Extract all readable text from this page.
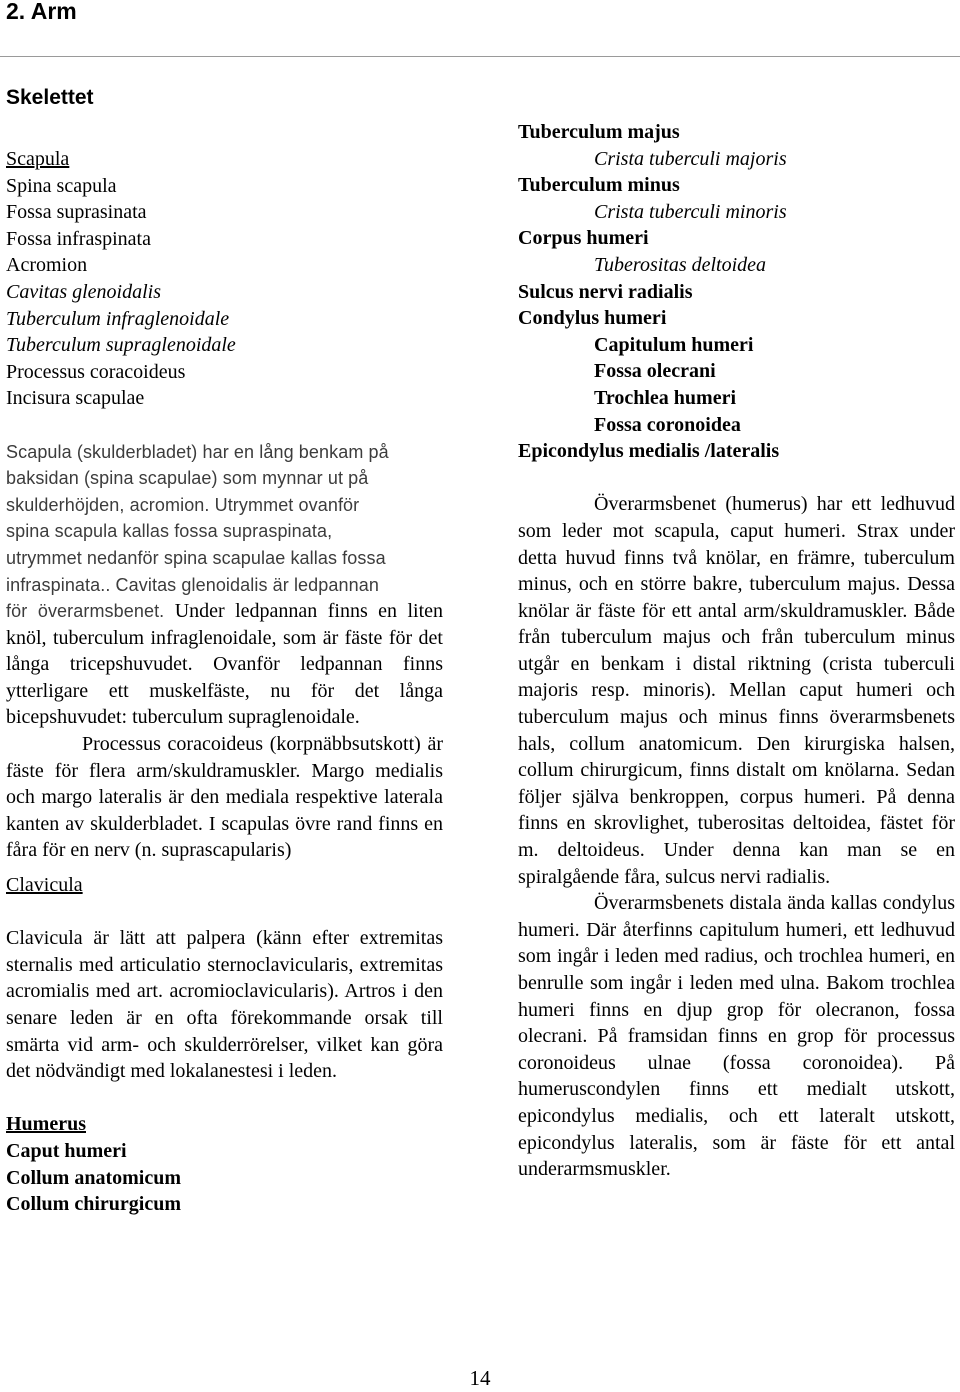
2. Arm
Skelettet
Scapula
Spina scapula
Fossa suprasinata
Fossa infraspinata
Acromion
Cavitas glenoidalis
Tuberculum infraglenoidale
Tuberculum supraglenoidale
Processus coracoideus
Incisura scapulae
Scapula (skulderbladet) har en lång benkam på
baksidan (spina scapulae) som mynnar ut på
skulderhöjden, acromion. Utrymmet ovanför
spina scapula kallas fossa supraspinata,
utrymmet nedanför spina scapulae kallas fossa
infraspinata.. Cavitas glenoidalis är ledpannan
för överarmsbenet. Under ledpannan finns en liten knöl, tuberculum infraglenoidale, som är fäste för det långa tricepshuvudet. Ovanför ledpannan finns ytterligare ett muskelfäste, nu för det långa bicepshuvudet: tuberculum supraglenoidale.

Processus coracoideus (korpnäbbsutskott) är fäste för flera arm/skuldramuskler. Margo medialis och margo lateralis är den mediala respektive laterala kanten av skulderbladet. I scapulas övre rand finns en fåra för en nerv (n. suprascapularis)

Clavicula

Clavicula är lätt att palpera (känn efter extremitas sternalis med articulatio sternoclavicularis, extremitas acromialis med art. acromioclavicularis). Artros i den senare leden är en ofta förekommande orsak till smärta vid arm- och skulderrörelser, vilket kan göra det nödvändigt med lokalanestesi i leden.

Humerus
Caput humeri
Collum anatomicum
Collum chirurgicum
Tuberculum majus
Crista tuberculi majoris
Tuberculum minus
Crista tuberculi minoris
Corpus humeri
Tuberositas deltoidea
Sulcus nervi radialis
Condylus humeri
Capitulum humeri
Fossa olecrani
Trochlea humeri
Fossa coronoidea
Epicondylus medialis /lateralis

Överarmsbenet (humerus) har ett ledhuvud som leder mot scapula, caput humeri. Strax under detta huvud finns två knölar, en främre, tuberculum minus, och en större bakre, tuberculum majus. Dessa knölar är fäste för ett antal arm/skuldramuskler. Både från tuberculum majus och från tuberculum minus utgår en benkam i distal riktning (crista tuberculi majoris resp. minoris). Mellan caput humeri och tuberculum majus och minus finns överarmsbenets hals, collum anatomicum. Den kirurgiska halsen, collum chirurgicum, finns distalt om knölarna. Sedan följer själva benkroppen, corpus humeri. På denna finns en skrovlighet, tuberositas deltoidea, fästet för m. deltoideus. Under denna kan man se en spiralgående fåra, sulcus nervi radialis.

Överarmsbenets distala ända kallas condylus humeri. Där återfinns capitulum humeri, ett ledhuvud som ingår i leden med radius, och trochlea humeri, en benrulle som ingår i leden med ulna. Bakom trochlea humeri finns en djup grop för olecranon, fossa olecrani. På framsidan finns en grop för processus coronoideus ulnae (fossa coronoidea). På humeruscondylen finns ett medialt utskott, epicondylus medialis, och ett lateralt utskott, epicondylus lateralis, som är fäste för ett antal underarmsmuskler.

14
